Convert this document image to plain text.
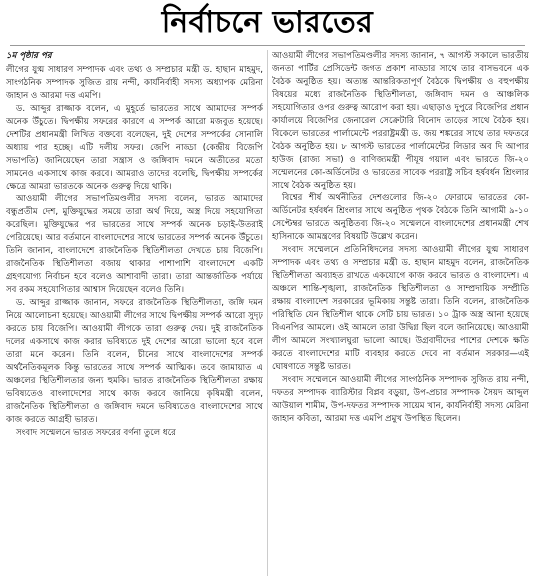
নির্বাচনে ভারতের
১ম পৃষ্ঠার পর

লীগের যুগ্ম সাধারণ সম্পাদক এবং তথ্য ও সম্প্রচার মন্ত্রী ড. হাছান মাহমুদ, সাংগঠনিক সম্পাদক সুজিত রায় নন্দী, কার্যনির্বাহী সদস্য অধ্যাপক মেরিনা জাহান ও আরমা দত্ত এমপি।

ড. আব্দুর রাজ্জাক বলেন, এ মুহূর্তে ভারতের সাথে আমাদের সম্পর্ক অনেক উঁচুতে। দ্বিপক্ষীয় সফরের কারণে এ সম্পর্ক আরো মজবুত হয়েছে। দেশটির প্রধানমন্ত্রী লিখিত বক্তব্যে বলেছেন, দুই দেশের সম্পর্কের সোনালি অধ্যায় পার হচ্ছে। এটি দলীয় সফর। জেপি নাড্ডা (কেন্দ্রীয় বিজেপি সভাপতি) জানিয়েছেন তারা সন্ত্রাস ও জঙ্গিবাদ দমনে অতীতের মতো সামনেও একসাথে কাজ করবে। আমরাও তাদের বলেছি, দ্বিপক্ষীয় সম্পর্কের ক্ষেত্রে আমরা ভারতকে অনেক গুরুত্ব দিয়ে থাকি।

আওয়ামী লীগের সভাপতিমণ্ডলীর সদস্য বলেন, ভারত আমাদের বন্ধুপ্রতীম দেশ, মুক্তিযুদ্ধের সময়ে তারা অর্থ দিয়ে, অস্ত্র দিয়ে সহযোগিতা করেছিল। মুক্তিযুদ্ধের পর ভারতের সাথে সম্পর্ক অনেক চড়াই-উতরাই পেরিয়েছে। আর বর্তমানে বাংলাদেশের সাথে ভারতের সম্পর্ক অনেক উঁচুতে। তিনি জানান, বাংলাদেশে রাজনৈতিক স্থিতিশীলতা দেখতে চায় বিজেপি। রাজনৈতিক স্থিতিশীলতা বজায় থাকার পাশাপাশি বাংলাদেশে একটি গ্রহণযোগ্য নির্বাচন হবে বলেও আশাবাদী তারা। তারা আন্তর্জাতিক পর্যায়ে সব রকম সহযোগিতার আশ্বাস দিয়েছেন বলেও তিনি।

ড. আব্দুর রাজ্জাক জানান, সফরে রাজনৈতিক স্থিতিশীলতা, জঙ্গি দমন নিয়ে আলোচনা হয়েছে। আওয়ামী লীগের সাথে দ্বিপক্ষীয় সম্পর্ক আরো সুদৃঢ় করতে চায় বিজেপি। আওয়ামী লীগকে তারা গুরুত্ব দেয়। দুই রাজনৈতিক দলের একসাথে কাজ করার ভবিষ্যতে দুই দেশের আরো ভালো হবে বলে তারা মনে করেন। তিনি বলেন, চীনের সাথে বাংলাদেশের সম্পর্ক অর্থনৈতিকমূলক কিন্তু ভারতের সাথে সম্পর্ক আত্মিক। তবে জামায়াত এ অঞ্চলের স্থিতিশীলতার জন্য হুমকি। ভারত রাজনৈতিক স্থিতিশীলতা রক্ষায় ভবিষ্যতেও বাংলাদেশের সাথে কাজ করবে জানিয়ে কৃষিমন্ত্রী বলেন, রাজনৈতিক স্থিতিশীলতা ও জঙ্গিবাদ দমনে ভবিষ্যতেও বাংলাদেশের সাথে কাজ করতে আগ্রহী ভারত।

সংবাদ সম্মেলনে ভারত সফরের বর্ণনা তুলে ধরে

আওয়ামী লীগের সভাপতিমণ্ডলীর সদস্য জানান, ৭ আগস্ট সকালে ভারতীয় জনতা পার্টির প্রেসিডেন্ট জগত প্রকাশ নাড্ডার সাথে তার বাসভবনে এক বৈঠক অনুষ্ঠিত হয়। অত্যন্ত আন্তরিকতাপূর্ণ বৈঠকে দ্বিপক্ষীয় ও বহুপক্ষীয় বিষয়ের মধ্যে রাজনৈতিক স্থিতিশীলতা, জঙ্গিবাদ দমন ও আঞ্চলিক সহযোগিতার ওপর গুরুত্ব আরোপ করা হয়। এছাড়াও দুপুরে বিজেপির প্রধান কার্যালয়ে বিজেপির জেনারেল সেক্রেটারি বিনোদ তাড়ের সাথে বৈঠক হয়। বিকেলে ভারতের পার্লামেন্টে পররাষ্ট্রমন্ত্রী ড. জয় শঙ্করের সাথে তার দফতরে বৈঠক অনুষ্ঠিত হয়। ৮ আগস্ট ভারতের পার্লামেন্টের লিডার অব দি আপার হাউজ (রাজ্য সভা) ও বাণিজ্যমন্ত্রী পীযূষ গয়াল এবং ভারতে জি-২০ সম্মেলনের কো-অর্ডিনেটর ও ভারতের সাবেক পররাষ্ট্র সচিব হর্ষবর্ধন শ্রিংলার সাথে বৈঠক অনুষ্ঠিত হয়।

বিশ্বের শীর্ষ অর্থনীতির দেশগুলোর জি-২০ ফোরামে ভারতের কো-অর্ডিনেটর হর্ষবর্ধন শ্রিংলার সাথে অনুষ্ঠিত পৃথক বৈঠকে তিনি আগামী ৯-১০ সেপ্টেম্বর ভারতে অনুষ্ঠিতব্য জি-২০ সম্মেলনে বাংলাদেশের প্রধানমন্ত্রী শেখ হাসিনাকে আমন্ত্রণের বিষয়টি উল্লেখ করেন।

সংবাদ সম্মেলনে প্রতিনিধিদলের সদস্য আওয়ামী লীগের যুগ্ম সাধারণ সম্পাদক এবং তথ্য ও সম্প্রচার মন্ত্রী ড. হাছান মাহমুদ বলেন, রাজনৈতিক স্থিতিশীলতা অব্যাহত রাখতে একযোগে কাজ করবে ভারত ও বাংলাদেশ। এ অঞ্চলে শান্তি-শৃঙ্খলা, রাজনৈতিক স্থিতিশীলতা ও সাম্প্রদায়িক সম্প্রীতি রক্ষায় বাংলাদেশ সরকারের ভূমিকায় সন্তুষ্ট তারা। তিনি বলেন, রাজনৈতিক পরিস্থিতি যেন স্থিতিশীল থাকে সেটি চায় ভারত। ১০ ট্রাক অস্ত্র আনা হয়েছে বিএনপির আমলে। ওই আমলে তারা উদ্বিগ্ন ছিল বলে জানিয়েছে। আওয়ামী লীগ আমলে সংখ্যালঘুরা ভালো আছে। উগ্রবাদীদের পাশের দেশকে ক্ষতি করতে বাংলাদেশের মাটি ব্যবহার করতে দেবে না বর্তমান সরকার—এই ঘোষণাতে সন্তুষ্ট ভারত।

সংবাদ সম্মেলনে আওয়ামী লীগের সাংগঠনিক সম্পাদক সুজিত রায় নন্দী, দফতর সম্পাদক ব্যারিস্টার বিপ্লব বড়ুয়া, উপ-প্রচার সম্পাদক সৈয়দ আব্দুল আউয়াল শামীম, উপ-দফতর সম্পাদক সায়েম খান, কার্যনির্বাহী সদস্য মেরিনা জাহান কবিতা, আরমা দত্ত এমপি প্রমুখ উপস্থিত ছিলেন।
